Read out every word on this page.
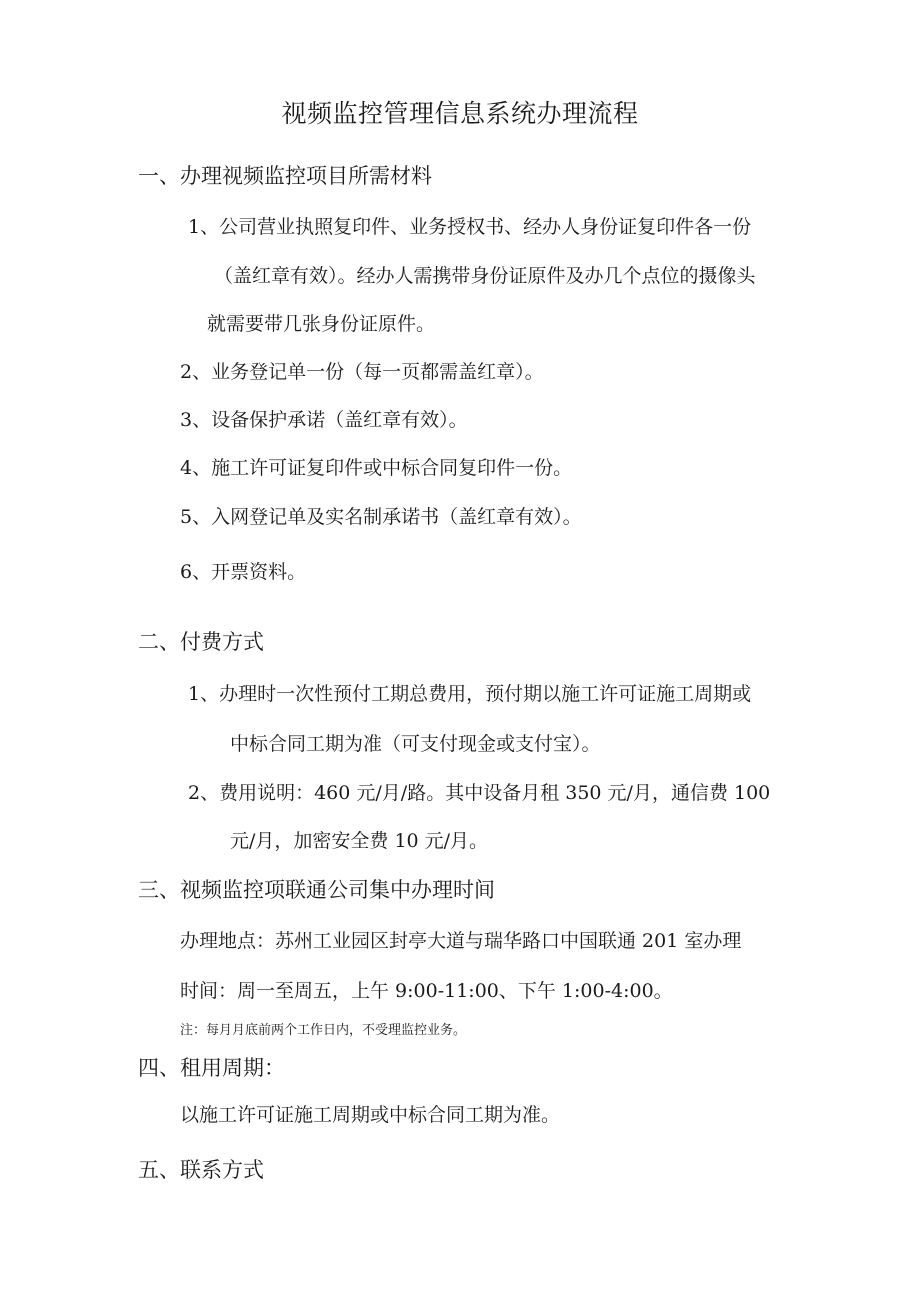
视频监控管理信息系统办理流程
一、办理视频监控项目所需材料
1、公司营业执照复印件、业务授权书、经办人身份证复印件各一份
（盖红章有效）。经办人需携带身份证原件及办几个点位的摄像头
就需要带几张身份证原件。
2、业务登记单一份（每一页都需盖红章）。
3、设备保护承诺（盖红章有效）。
4、施工许可证复印件或中标合同复印件一份。
5、入网登记单及实名制承诺书（盖红章有效）。
6、开票资料。
二、付费方式
1、办理时一次性预付工期总费用，预付期以施工许可证施工周期或
中标合同工期为准（可支付现金或支付宝）。
2、费用说明：460 元/月/路。其中设备月租 350 元/月，通信费 100
元/月，加密安全费 10 元/月。
三、视频监控项联通公司集中办理时间
办理地点：苏州工业园区封亭大道与瑞华路口中国联通 201 室办理
时间：周一至周五，上午 9:00-11:00、下午 1:00-4:00。
注：每月月底前两个工作日内，不受理监控业务。
四、租用周期：
以施工许可证施工周期或中标合同工期为准。
五、联系方式
